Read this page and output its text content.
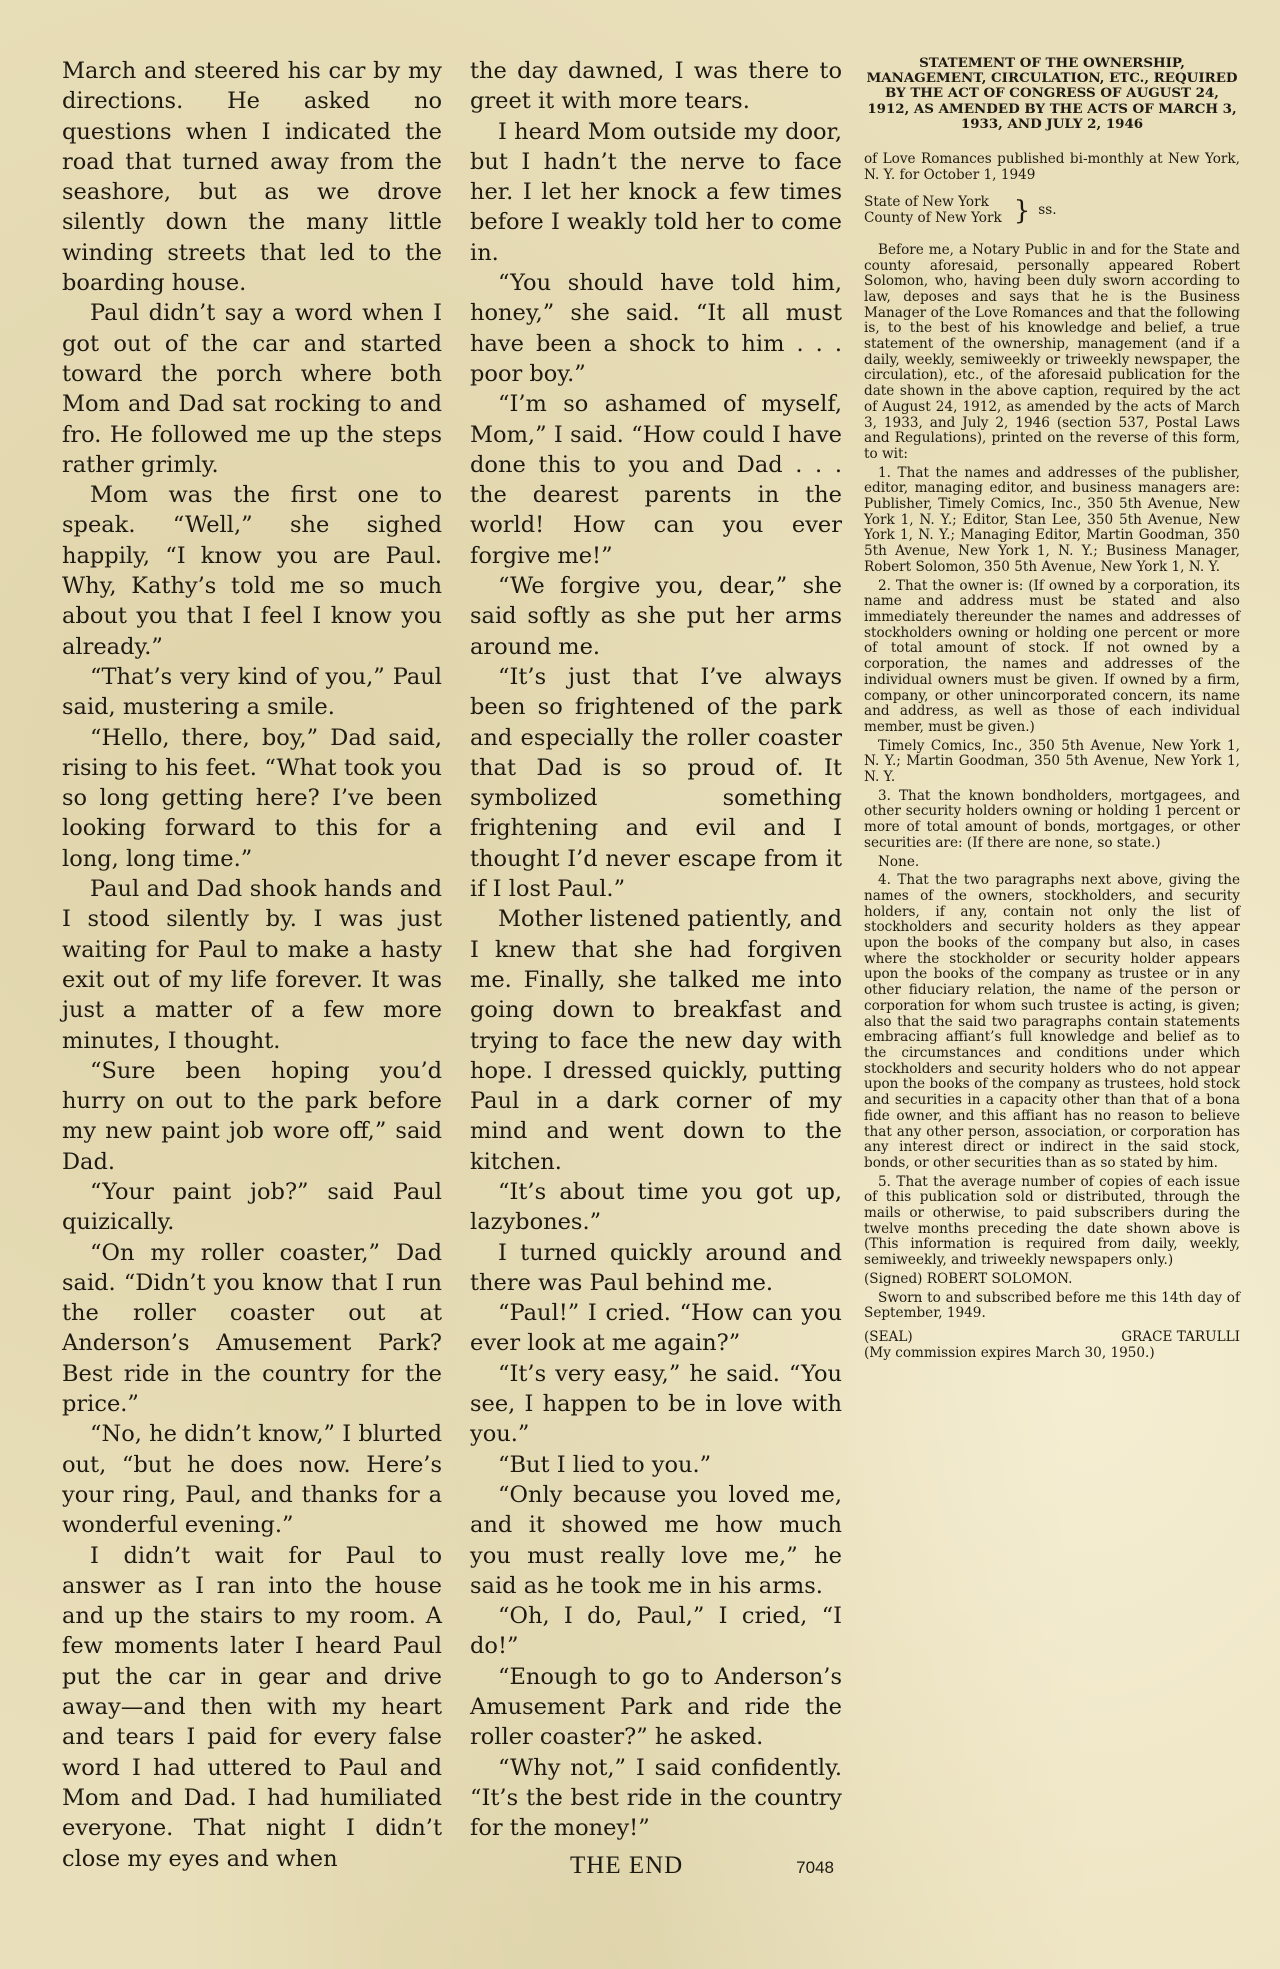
March and steered his car by my directions. He asked no questions when I indicated the road that turned away from the seashore, but as we drove silently down the many little winding streets that led to the boarding house.

Paul didn’t say a word when I got out of the car and started toward the porch where both Mom and Dad sat rocking to and fro. He followed me up the steps rather grimly.

Mom was the first one to speak. “Well,” she sighed happily, “I know you are Paul. Why, Kathy’s told me so much about you that I feel I know you already.”

“That’s very kind of you,” Paul said, mustering a smile.

“Hello, there, boy,” Dad said, rising to his feet. “What took you so long getting here? I’ve been looking forward to this for a long, long time.”

Paul and Dad shook hands and I stood silently by. I was just waiting for Paul to make a hasty exit out of my life forever. It was just a matter of a few more minutes, I thought.

“Sure been hoping you’d hurry on out to the park before my new paint job wore off,” said Dad.

“Your paint job?” said Paul quizically.

“On my roller coaster,” Dad said. “Didn’t you know that I run the roller coaster out at Anderson’s Amusement Park? Best ride in the country for the price.”

“No, he didn’t know,” I blurted out, “but he does now. Here’s your ring, Paul, and thanks for a wonderful evening.”

I didn’t wait for Paul to answer as I ran into the house and up the stairs to my room. A few moments later I heard Paul put the car in gear and drive away—and then with my heart and tears I paid for every false word I had uttered to Paul and Mom and Dad. I had humiliated everyone. That night I didn’t close my eyes and when

the day dawned, I was there to greet it with more tears.

I heard Mom outside my door, but I hadn’t the nerve to face her. I let her knock a few times before I weakly told her to come in.

“You should have told him, honey,” she said. “It all must have been a shock to him . . . poor boy.”

“I’m so ashamed of myself, Mom,” I said. “How could I have done this to you and Dad . . . the dearest parents in the world! How can you ever forgive me!”

“We forgive you, dear,” she said softly as she put her arms around me.

“It’s just that I’ve always been so frightened of the park and especially the roller coaster that Dad is so proud of. It symbolized something frightening and evil and I thought I’d never escape from it if I lost Paul.”

Mother listened patiently, and I knew that she had forgiven me. Finally, she talked me into going down to breakfast and trying to face the new day with hope. I dressed quickly, putting Paul in a dark corner of my mind and went down to the kitchen.

“It’s about time you got up, lazybones.”

I turned quickly around and there was Paul behind me.

“Paul!” I cried. “How can you ever look at me again?”

“It’s very easy,” he said. “You see, I happen to be in love with you.”

“But I lied to you.”

“Only because you loved me, and it showed me how much you must really love me,” he said as he took me in his arms.

“Oh, I do, Paul,” I cried, “I do!”

“Enough to go to Anderson’s Amusement Park and ride the roller coaster?” he asked.

“Why not,” I said confidently. “It’s the best ride in the country for the money!”

THE END	7048
STATEMENT OF THE OWNERSHIP, MANAGEMENT, CIRCULATION, ETC., REQUIRED BY THE ACT OF CONGRESS OF AUGUST 24, 1912, AS AMENDED BY THE ACTS OF MARCH 3, 1933, AND JULY 2, 1946

of Love Romances published bi-monthly at New York, N. Y. for October 1, 1949

State of New York
County of New York } ss.

Before me, a Notary Public in and for the State and county aforesaid, personally appeared Robert Solomon, who, having been duly sworn according to law, deposes and says that he is the Business Manager of the Love Romances and that the following is, to the best of his knowledge and belief, a true statement of the ownership, management (and if a daily, weekly, semiweekly or triweekly newspaper, the circulation), etc., of the aforesaid publication for the date shown in the above caption, required by the act of August 24, 1912, as amended by the acts of March 3, 1933, and July 2, 1946 (section 537, Postal Laws and Regulations), printed on the reverse of this form, to wit:

1. That the names and addresses of the publisher, editor, managing editor, and business managers are: Publisher, Timely Comics, Inc., 350 5th Avenue, New York 1, N. Y.; Editor, Stan Lee, 350 5th Avenue, New York 1, N. Y.; Managing Editor, Martin Goodman, 350 5th Avenue, New York 1, N. Y.; Business Manager, Robert Solomon, 350 5th Avenue, New York 1, N. Y.

2. That the owner is: (If owned by a corporation, its name and address must be stated and also immediately thereunder the names and addresses of stockholders owning or holding one percent or more of total amount of stock. If not owned by a corporation, the names and addresses of the individual owners must be given. If owned by a firm, company, or other unincorporated concern, its name and address, as well as those of each individual member, must be given.)

Timely Comics, Inc., 350 5th Avenue, New York 1, N. Y.; Martin Goodman, 350 5th Avenue, New York 1, N. Y.

3. That the known bondholders, mortgagees, and other security holders owning or holding 1 percent or more of total amount of bonds, mortgages, or other securities are: (If there are none, so state.)

None.

4. That the two paragraphs next above, giving the names of the owners, stockholders, and security holders, if any, contain not only the list of stockholders and security holders as they appear upon the books of the company but also, in cases where the stockholder or security holder appears upon the books of the company as trustee or in any other fiduciary relation, the name of the person or corporation for whom such trustee is acting, is given; also that the said two paragraphs contain statements embracing affiant’s full knowledge and belief as to the circumstances and conditions under which stockholders and security holders who do not appear upon the books of the company as trustees, hold stock and securities in a capacity other than that of a bona fide owner, and this affiant has no reason to believe that any other person, association, or corporation has any interest direct or indirect in the said stock, bonds, or other securities than as so stated by him.

5. That the average number of copies of each issue of this publication sold or distributed, through the mails or otherwise, to paid subscribers during the twelve months preceding the date shown above is (This information is required from daily, weekly, semiweekly, and triweekly newspapers only.)

(Signed) ROBERT SOLOMON.

Sworn to and subscribed before me this 14th day of September, 1949.

(SEAL)	GRACE TARULLI

(My commission expires March 30, 1950.)
